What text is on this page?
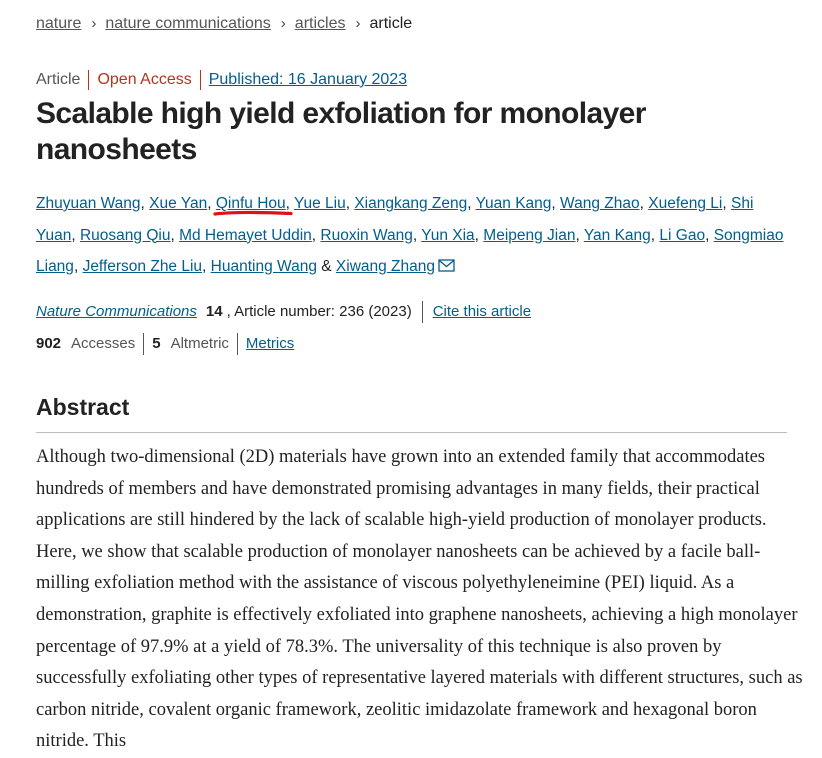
nature › nature communications › articles › article
Article Open Access Published: 16 January 2023
Scalable high yield exfoliation for monolayer nanosheets
Zhuyuan Wang, Xue Yan, Qinfu Hou, Yue Liu, Xiangkang Zeng, Yuan Kang, Wang Zhao, Xuefeng Li, Shi Yuan, Ruosang Qiu, Md Hemayet Uddin, Ruoxin Wang, Yun Xia, Meipeng Jian, Yan Kang, Li Gao, Songmiao Liang, Jefferson Zhe Liu, Huanting Wang & Xiwang Zhang
Nature Communications 14 , Article number: 236 (2023) Cite this article
902 Accesses 5 Altmetric Metrics
Abstract

Although two-dimensional (2D) materials have grown into an extended family that accommodates hundreds of members and have demonstrated promising advantages in many fields, their practical applications are still hindered by the lack of scalable high-yield production of monolayer products. Here, we show that scalable production of monolayer nanosheets can be achieved by a facile ball-milling exfoliation method with the assistance of viscous polyethyleneimine (PEI) liquid. As a demonstration, graphite is effectively exfoliated into graphene nanosheets, achieving a high monolayer percentage of 97.9% at a yield of 78.3%. The universality of this technique is also proven by successfully exfoliating other types of representative layered materials with different structures, such as carbon nitride, covalent organic framework, zeolitic imidazolate framework and hexagonal boron nitride. This
